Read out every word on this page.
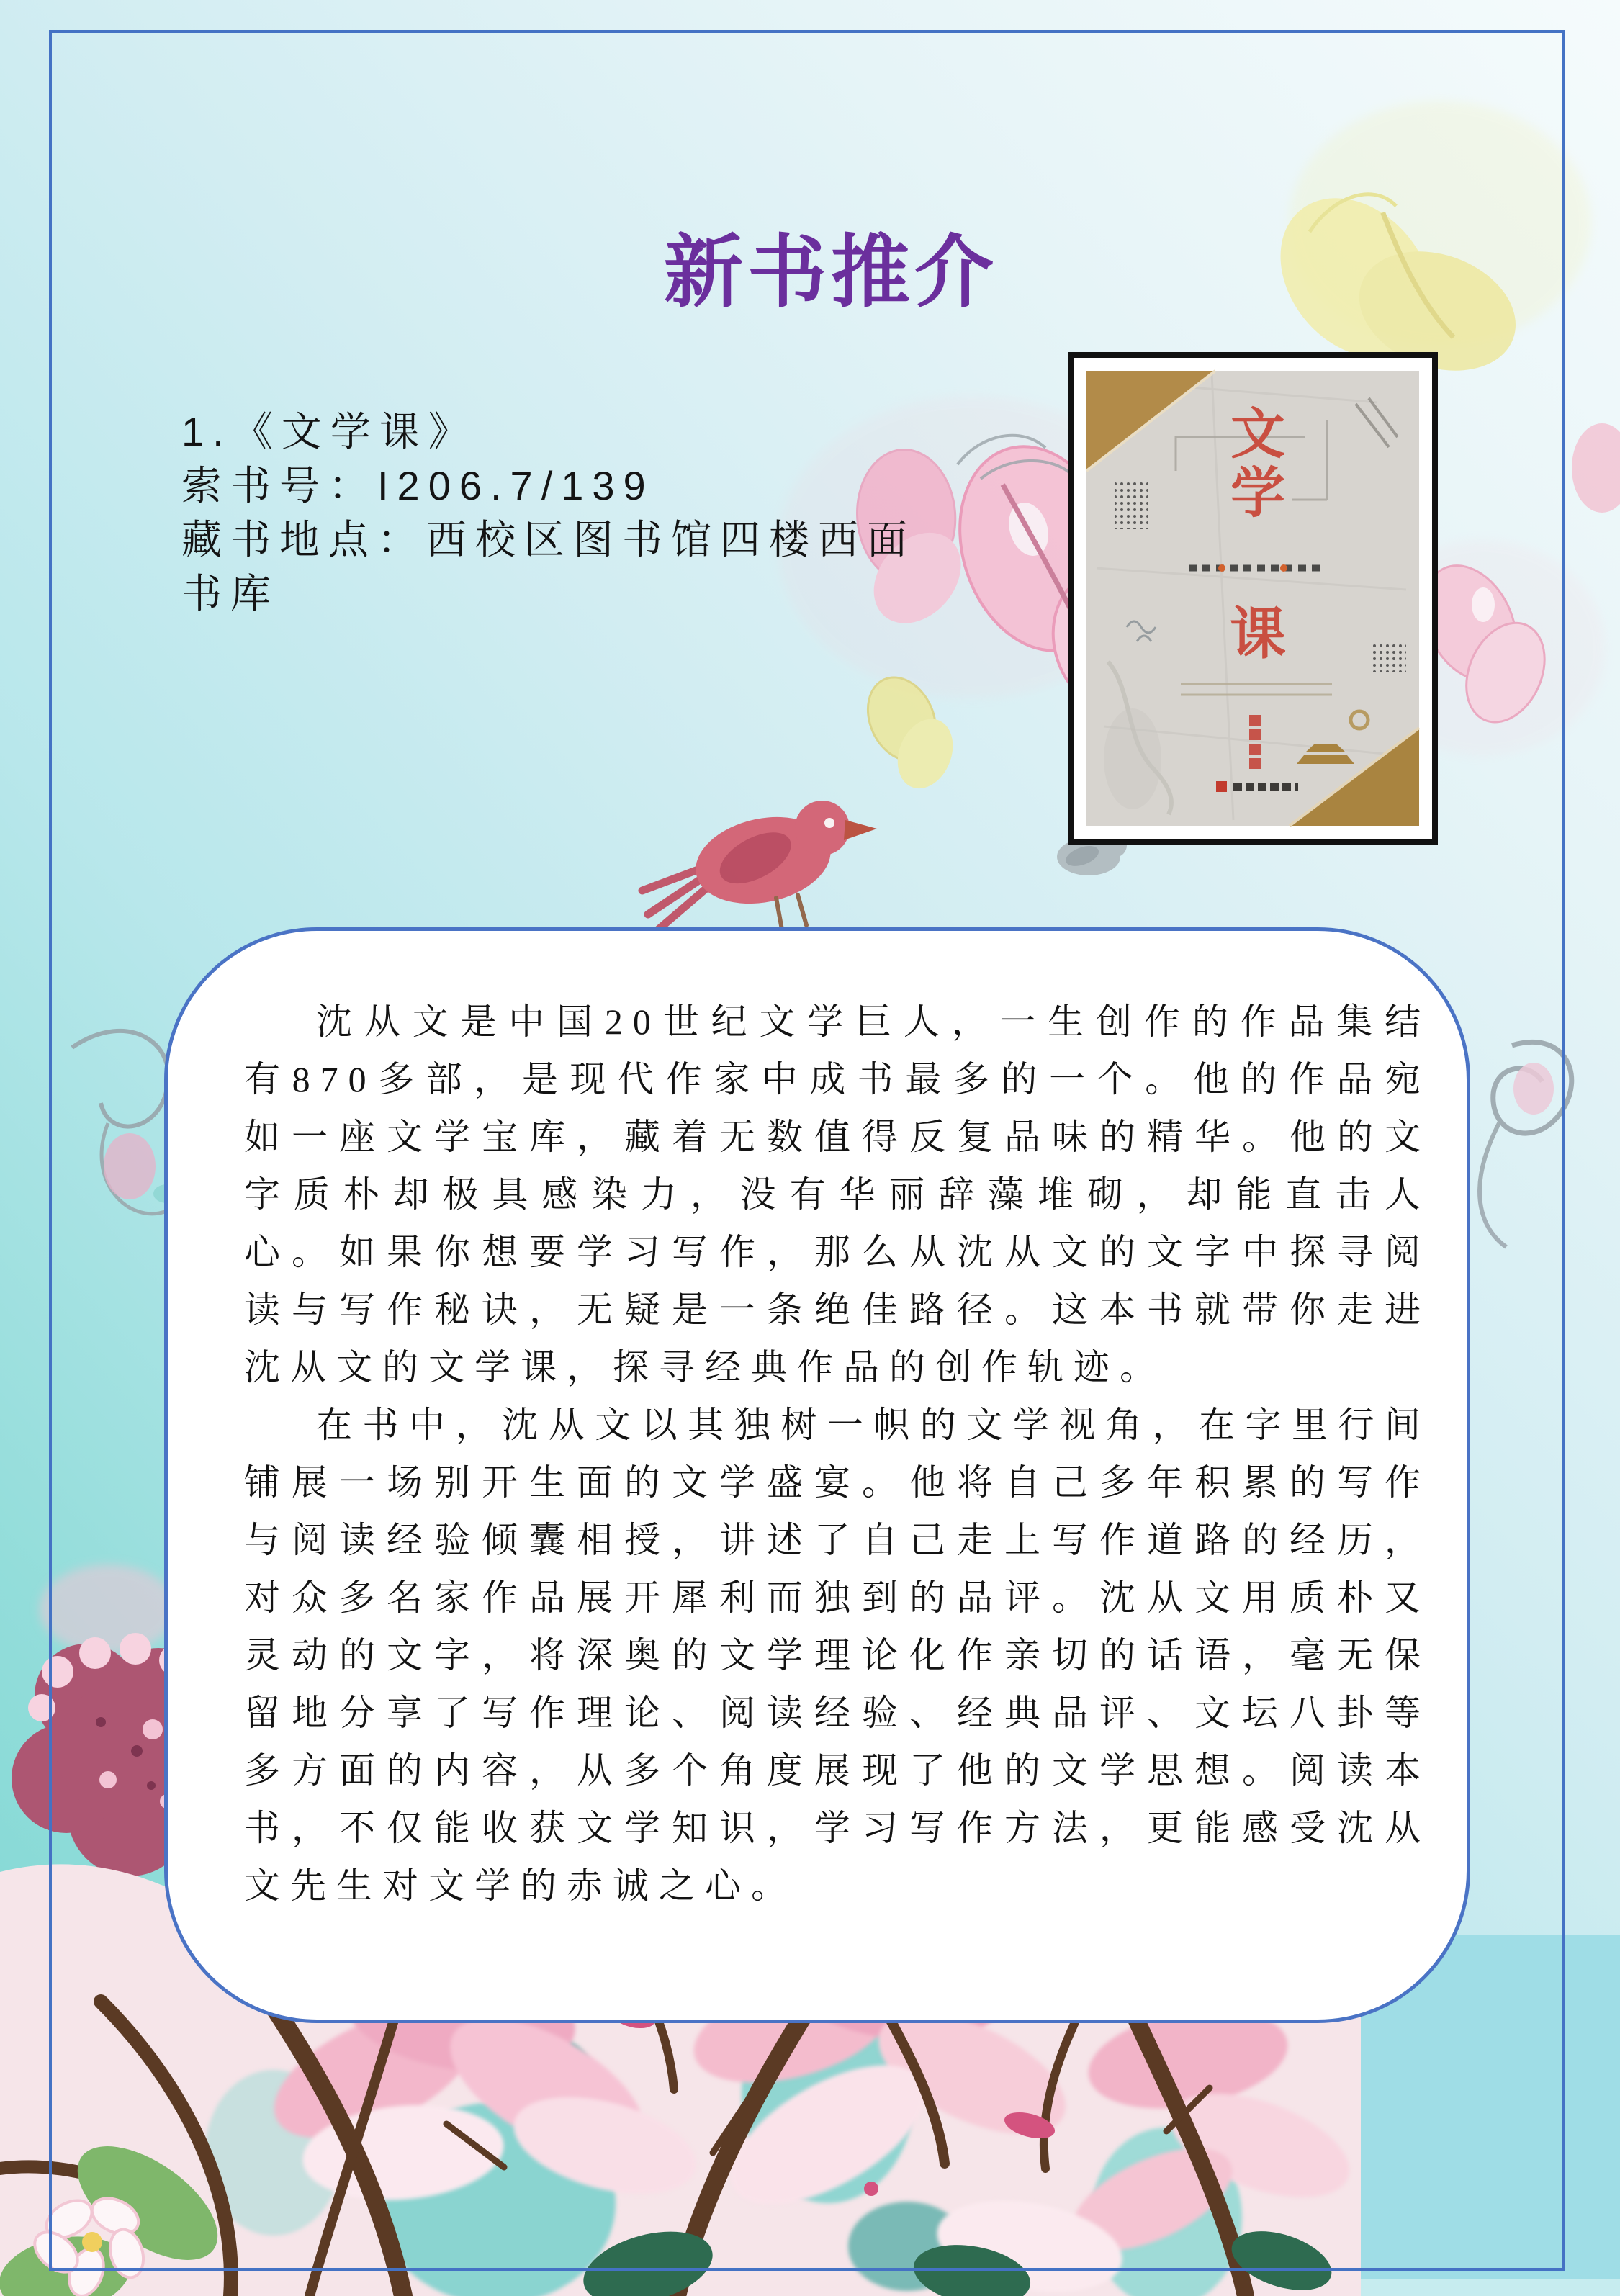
新书推介
1.《文学课》
索书号：I206.7/139
藏书地点：西校区图书馆四楼西面
书库
文
学
课

沈从文是中国20世纪文学巨人，一生创作的作品集结有870多部，是现代作家中成书最多的一个。他的作品宛如一座文学宝库，藏着无数值得反复品味的精华。他的文字质朴却极具感染力，没有华丽辞藻堆砌，却能直击人心。如果你想要学习写作，那么从沈从文的文字中探寻阅读与写作秘诀，无疑是一条绝佳路径。这本书就带你走进沈从文的文学课，探寻经典作品的创作轨迹。

在书中，沈从文以其独树一帜的文学视角，在字里行间铺展一场别开生面的文学盛宴。他将自己多年积累的写作与阅读经验倾囊相授，讲述了自己走上写作道路的经历，对众多名家作品展开犀利而独到的品评。沈从文用质朴又灵动的文字，将深奥的文学理论化作亲切的话语，毫无保留地分享了写作理论、阅读经验、经典品评、文坛八卦等多方面的内容，从多个角度展现了他的文学思想。阅读本书，不仅能收获文学知识，学习写作方法，更能感受沈从文先生对文学的赤诚之心。
